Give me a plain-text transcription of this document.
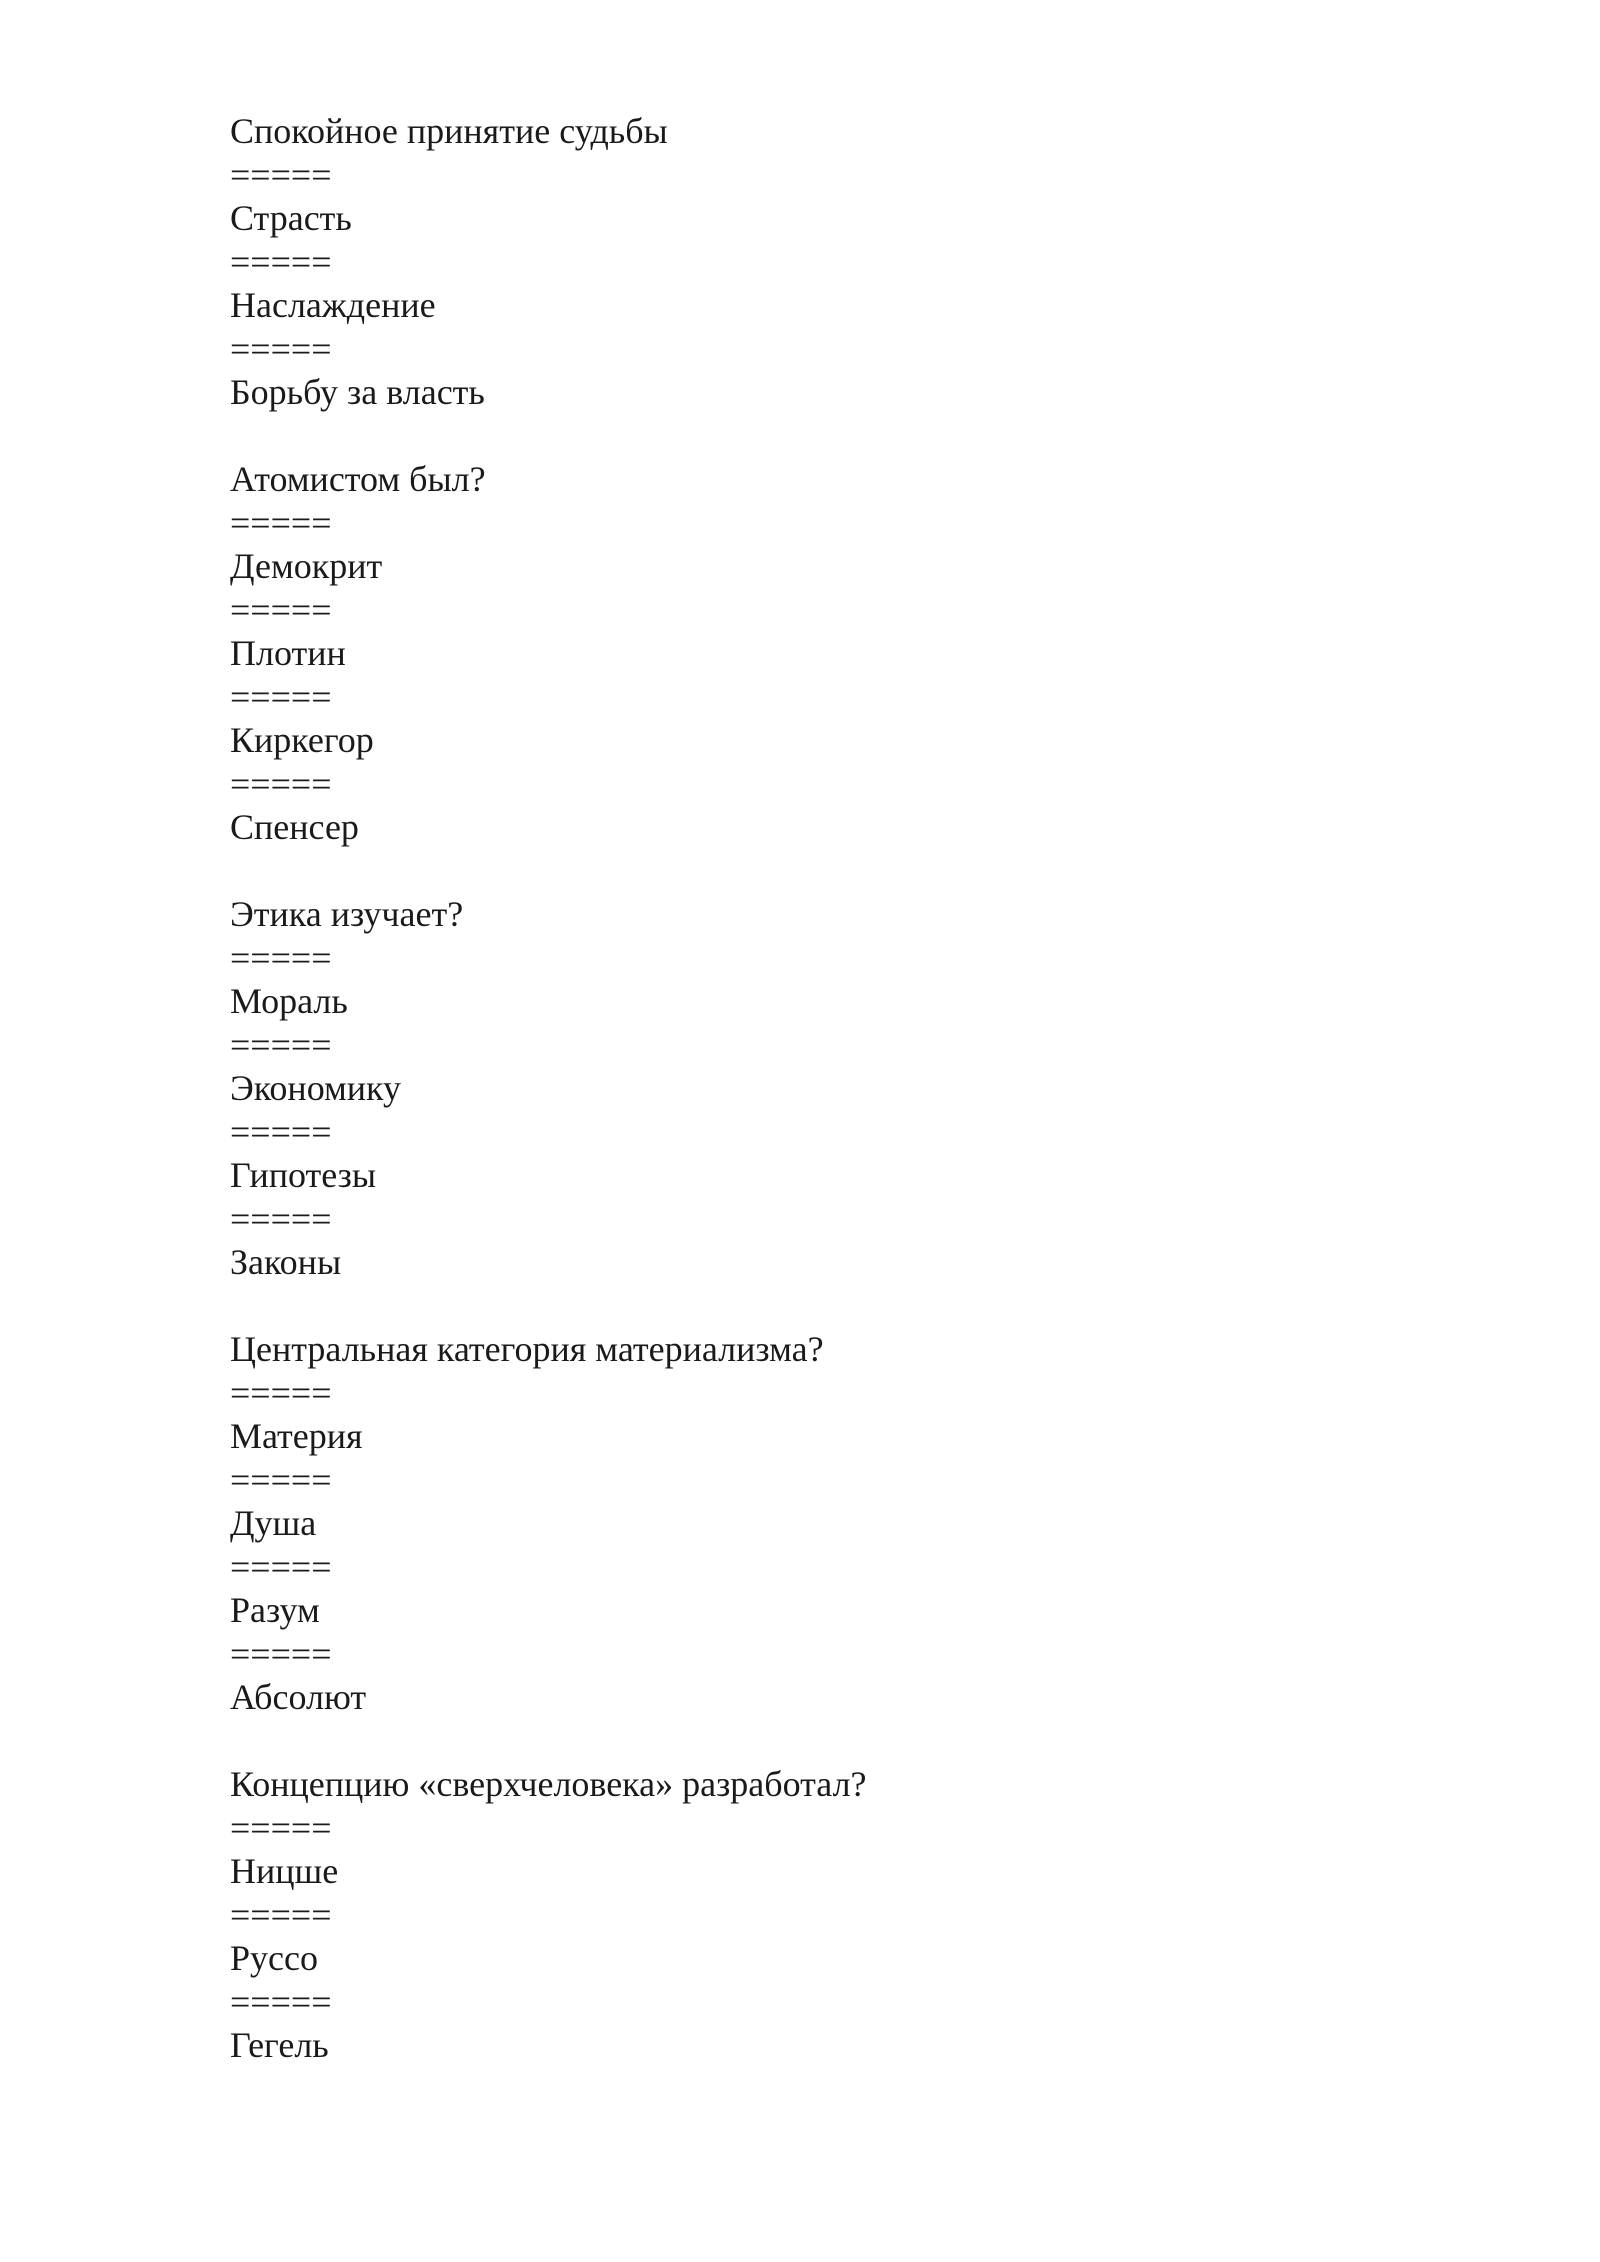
Спокойное принятие судьбы
=====
Страсть
=====
Наслаждение
=====
Борьбу за власть
Атомистом был?
=====
Демокрит
=====
Плотин
=====
Киркегор
=====
Спенсер
Этика изучает?
=====
Мораль
=====
Экономику
=====
Гипотезы
=====
Законы
Центральная категория материализма?
=====
Материя
=====
Душа
=====
Разум
=====
Абсолют
Концепцию «сверхчеловека» разработал?
=====
Ницше
=====
Руссо
=====
Гегель
